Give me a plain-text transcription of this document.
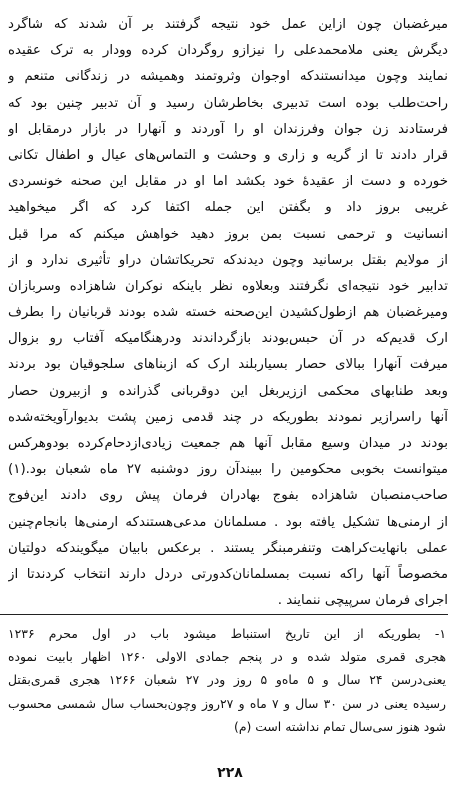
میرغضبان چون ازاین عمل خود نتیجه گرفتند بر آن شدند که شاگرد
دیگرش یعنی ملامحمدعلی را نیزازو روگردان کرده وودار به ترک عقیده
نمایند وچون میدانستندکه اوجوان وثروتمند وهمیشه در زندگانی متنعم و
راحت‌طلب بوده است تدبیری بخاطرشان رسید و آن تدبیر چنین بود که
فرستادند زن جوان وفرزندان او را آوردند و آنهارا در بازار درمقابل او
قرار دادند تا از گریه و زاری و وحشت و التماس‌های عیال و اطفال تکانی
خورده و دست از عقیدهٔ خود بکشد اما او در مقابل این صحنه خونسردی
غریبی بروز داد و بگفتن این جمله اکتفا کرد که اگر میخواهید
انسانیت و ترحمی نسبت بمن بروز دهید خواهش میکنم که مرا قبل
از مولایم بقتل برسانید وچون دیدندکه تحریکاتشان دراو تأثیری ندارد و از
تدابیر خود نتیجه‌ای نگرفتند وبعلاوه نظر باینکه نوکران شاهزاده وسربازان
ومیرغضبان هم ازطول‌کشیدن این‌صحنه خسته شده بودند قربانیان را بطرف
ارک قدیم‌که در آن حبس‌بودند بازگرداندند ودرهنگامیکه آفتاب رو بزوال
میرفت آنهارا ببالای حصار بسیاربلند ارک که ازبناهای سلجوقیان بود بردند
وبعد طنابهای محکمی اززیربغل این دوقربانی گذرانده و ازبیرون حصار
آنها راسرازیر نمودند بطوریکه در چند قدمی زمین پشت بدیوارآویخته‌شده
بودند در میدان وسیع مقابل آنها هم جمعیت زیادی‌ازدحام‌کرده بودوهرکس
میتوانست بخوبی محکومین را ببیندآن روز دوشنبه ۲۷ ماه شعبان بود.(۱)
صاحب‌منصبان شاهزاده بفوج بهادران فرمان پیش روی دادند این‌فوج
از ارمنی‌ها تشکیل یافته بود . مسلمانان مدعی‌هستندکه ارمنی‌ها بانجام‌چنین
عملی بانهایت‌کراهت وتنفرمبنگر یستند . برعکس بابیان میگویندکه دولتیان
مخصوصاً آنها راکه نسبت بمسلمانان‌کدورتی دردل دارند انتخاب کردندتا از
اجرای فرمان سرپیچی ننمایند .
۱- بطوریکه از این تاریخ استنباط میشود باب در اول محرم ۱۲۳۶
هجری قمری متولد شده و در پنجم جمادی الاولی ۱۲۶۰ اظهار بابیت نموده
یعنی‌درسن ۲۴ سال و ۵ ماه‌و ۵ روز ودر ۲۷ شعبان ۱۲۶۶ هجری قمری‌بقتل
رسیده یعنی در سن ۳۰ سال و ۷ ماه و ۲۷روز وچون‌بحساب سال شمسی محسوب
شود هنوز سی‌سال تمام نداشته است (م)
۲۲۸
